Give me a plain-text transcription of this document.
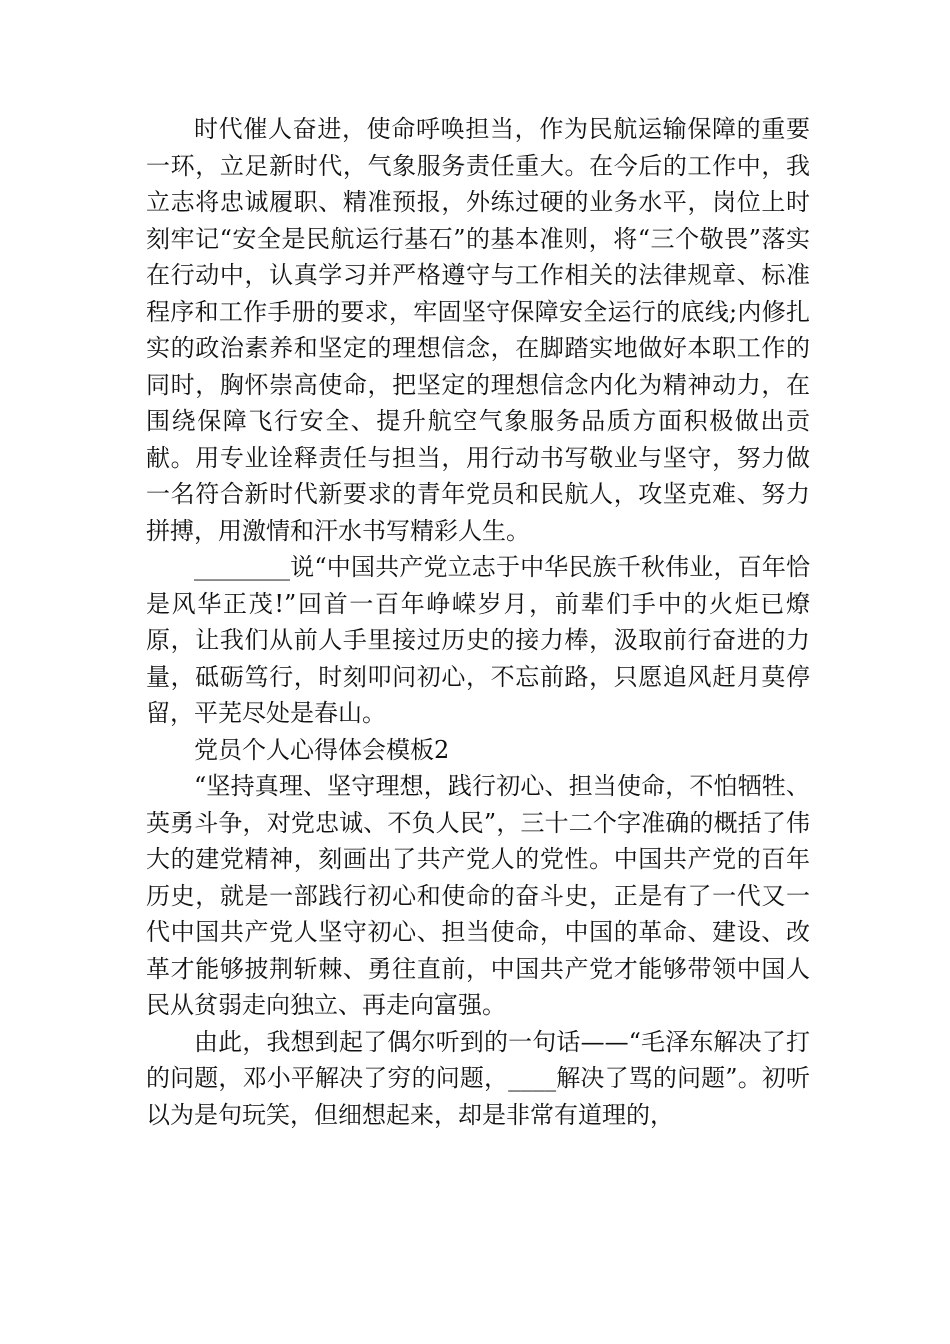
时代催人奋进，使命呼唤担当，作为民航运输保障的重要一环，立足新时代，气象服务责任重大。在今后的工作中，我立志将忠诚履职、精准预报，外练过硬的业务水平，岗位上时刻牢记“安全是民航运行基石”的基本准则，将“三个敬畏”落实在行动中，认真学习并严格遵守与工作相关的法律规章、标准程序和工作手册的要求，牢固坚守保障安全运行的底线;内修扎实的政治素养和坚定的理想信念，在脚踏实地做好本职工作的同时，胸怀崇高使命，把坚定的理想信念内化为精神动力，在围绕保障飞行安全、提升航空气象服务品质方面积极做出贡献。用专业诠释责任与担当，用行动书写敬业与坚守，努力做一名符合新时代新要求的青年党员和民航人，攻坚克难、努力拼搏，用激情和汗水书写精彩人生。

________说“中国共产党立志于中华民族千秋伟业，百年恰是风华正茂!”回首一百年峥嵘岁月，前辈们手中的火炬已燎原，让我们从前人手里接过历史的接力棒，汲取前行奋进的力量，砥砺笃行，时刻叩问初心，不忘前路，只愿追风赶月莫停留，平芜尽处是春山。

党员个人心得体会模板2

“坚持真理、坚守理想，践行初心、担当使命，不怕牺牲、英勇斗争，对党忠诚、不负人民”，三十二个字准确的概括了伟大的建党精神，刻画出了共产党人的党性。中国共产党的百年历史，就是一部践行初心和使命的奋斗史，正是有了一代又一代中国共产党人坚守初心、担当使命，中国的革命、建设、改革才能够披荆斩棘、勇往直前，中国共产党才能够带领中国人民从贫弱走向独立、再走向富强。

由此，我想到起了偶尔听到的一句话——“毛泽东解决了打的问题，邓小平解决了穷的问题，____解决了骂的问题”。初听以为是句玩笑，但细想起来，却是非常有道理的，
